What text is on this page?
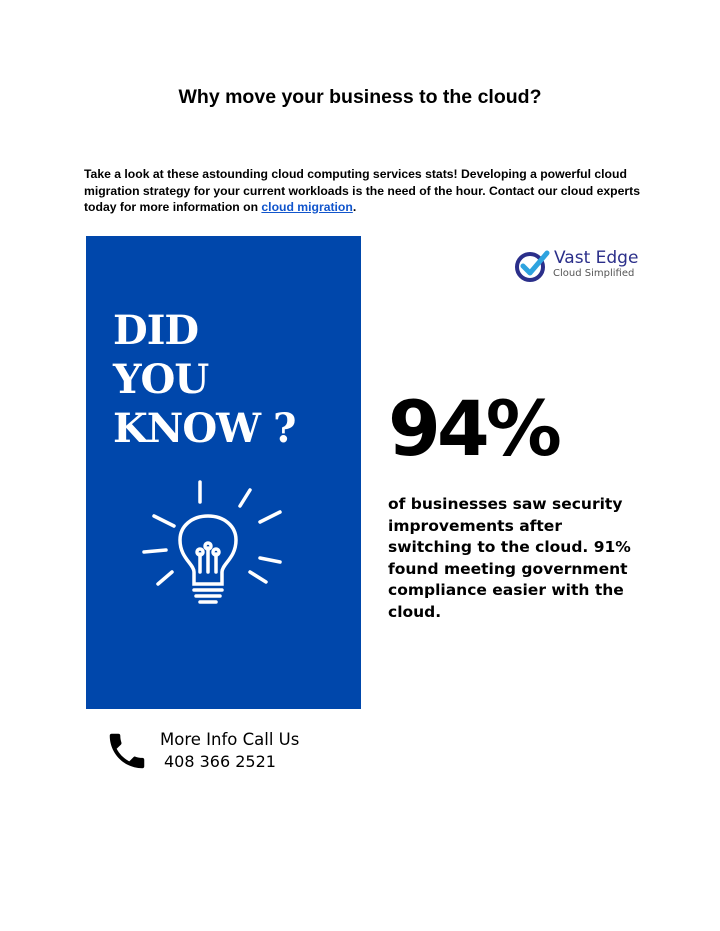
Why move your business to the cloud?

Take a look at these astounding cloud computing services stats! Developing a powerful cloud migration strategy for your current workloads is the need of the hour. Contact our cloud experts today for more information on cloud migration.

DID
YOU
KNOW ?
Vast Edge
Cloud Simplified

94%

of businesses saw security improvements after switching to the cloud. 91% found meeting government compliance easier with the cloud.

More Info Call Us
408 366 2521
